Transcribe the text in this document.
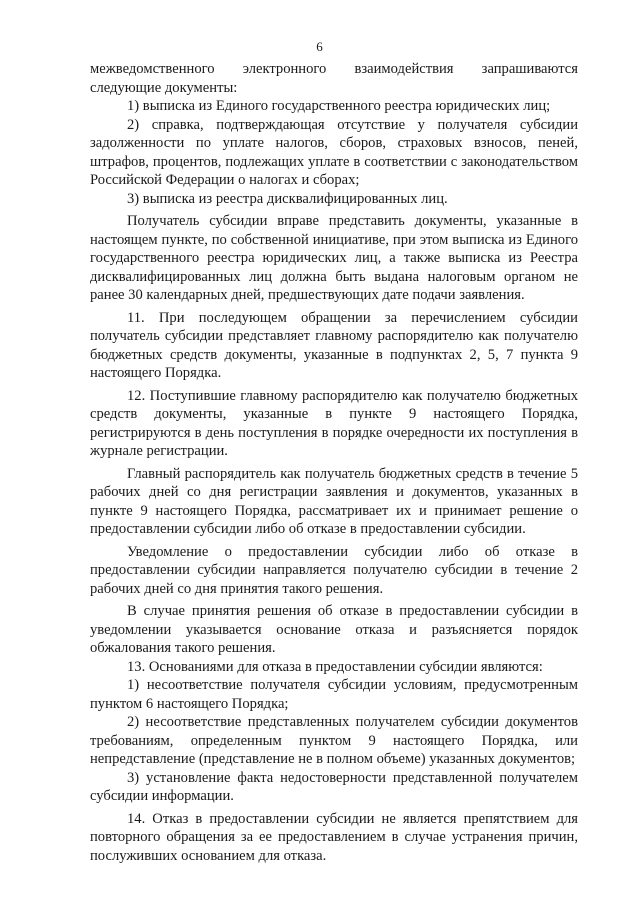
6

межведомственного электронного взаимодействия запрашиваются следующие документы:

1) выписка из Единого государственного реестра юридических лиц;

2) справка, подтверждающая отсутствие у получателя субсидии задолженности по уплате налогов, сборов, страховых взносов, пеней, штрафов, процентов, подлежащих уплате в соответствии с законодательством Российской Федерации о налогах и сборах;

3) выписка из реестра дисквалифицированных лиц.

Получатель субсидии вправе представить документы, указанные в настоящем пункте, по собственной инициативе, при этом выписка из Единого государственного реестра юридических лиц, а также выписка из Реестра дисквалифицированных лиц должна быть выдана налоговым органом не ранее 30 календарных дней, предшествующих дате подачи заявления.

11. При последующем обращении за перечислением субсидии получатель субсидии представляет главному распорядителю как получателю бюджетных средств документы, указанные в подпунктах 2, 5, 7 пункта 9 настоящего Порядка.

12. Поступившие главному распорядителю как получателю бюджетных средств документы, указанные в пункте 9 настоящего Порядка, регистрируются в день поступления в порядке очередности их поступления в журнале регистрации.

Главный распорядитель как получатель бюджетных средств в течение 5 рабочих дней со дня регистрации заявления и документов, указанных в пункте 9 настоящего Порядка, рассматривает их и принимает решение о предоставлении субсидии либо об отказе в предоставлении субсидии.

Уведомление о предоставлении субсидии либо об отказе в предоставлении субсидии направляется получателю субсидии в течение 2 рабочих дней со дня принятия такого решения.

В случае принятия решения об отказе в предоставлении субсидии в уведомлении указывается основание отказа и разъясняется порядок обжалования такого решения.

13. Основаниями для отказа в предоставлении субсидии являются:

1) несоответствие получателя субсидии условиям, предусмотренным пунктом 6 настоящего Порядка;

2) несоответствие представленных получателем субсидии документов требованиям, определенным пунктом 9 настоящего Порядка, или непредставление (представление не в полном объеме) указанных документов;

3) установление факта недостоверности представленной получателем субсидии информации.

14. Отказ в предоставлении субсидии не является препятствием для повторного обращения за ее предоставлением в случае устранения причин, послуживших основанием для отказа.
